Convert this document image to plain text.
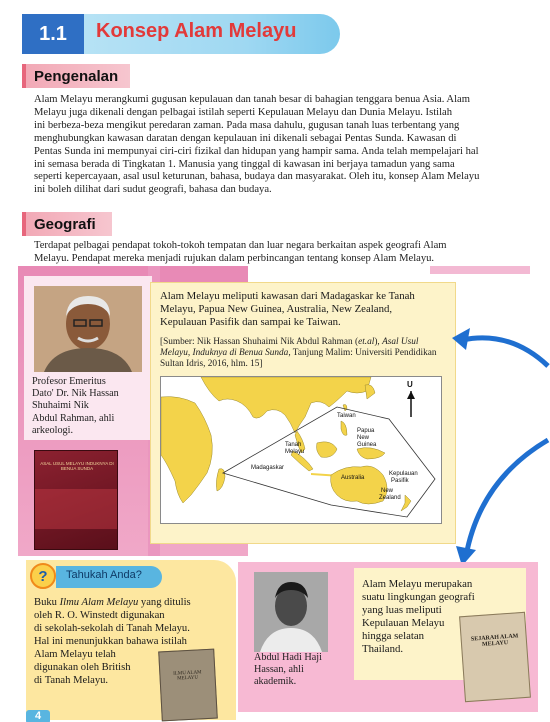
1.1	Konsep Alam Melayu
Pengenalan
Alam Melayu merangkumi gugusan kepulauan dan tanah besar di bahagian tenggara benua Asia. Alam
Melayu juga dikenali dengan pelbagai istilah seperti Kepulauan Melayu dan Dunia Melayu. Istilah
ini berbeza-beza mengikut peredaran zaman. Pada masa dahulu, gugusan tanah luas terbentang yang
menghubungkan kawasan daratan dengan kepulauan ini dikenali sebagai Pentas Sunda. Kawasan di
Pentas Sunda ini mempunyai ciri-ciri fizikal dan hidupan yang hampir sama. Anda telah mempelajari hal
ini semasa berada di Tingkatan 1. Manusia yang tinggal di kawasan ini berjaya tamadun yang sama
seperti kepercayaan, asal usul keturunan, bahasa, budaya dan masyarakat. Oleh itu, konsep Alam Melayu
ini boleh dilihat dari sudut geografi, bahasa dan budaya.
Geografi
Terdapat pelbagai pendapat tokoh-tokoh tempatan dan luar negara berkaitan aspek geografi Alam
Melayu. Pendapat mereka menjadi rujukan dalam perbincangan tentang konsep Alam Melayu.
Profesor Emeritus
Dato' Dr. Nik Hassan
Shuhaimi Nik
Abdul Rahman, ahli
arkeologi.
ASAL USUL MELAYU INDUKNYA DI BENUA SUNDA
Alam Melayu meliputi kawasan dari Madagaskar ke Tanah
Melayu, Papua New Guinea, Australia, New Zealand,
Kepulauan Pasifik dan sampai ke Taiwan.
[Sumber: Nik Hassan Shuhaimi Nik Abdul Rahman (et.al), Asal Usul Melayu, Induknya di Benua Sunda, Tanjung Malim: Universiti Pendidikan Sultan Idris, 2016, hlm. 15]
U
Taiwan
Papua
New
Guinea
Tanah
Melayu
Madagaskar
Australia
Kepulauan
Pasifik
New
Zealand
?	Tahukah Anda?
Buku Ilmu Alam Melayu yang ditulis
oleh R. O. Winstedt digunakan
di sekolah-sekolah di Tanah Melayu.
Hal ini menunjukkan bahawa istilah
Alam Melayu telah
digunakan oleh British
di Tanah Melayu.
ILMU ALAM MELAYU
Abdul Hadi Haji
Hassan, ahli
akademik.
Alam Melayu merupakan
suatu lingkungan geografi
yang luas meliputi
Kepulauan Melayu
hingga selatan
Thailand.
SEJARAH ALAM MELAYU
4
